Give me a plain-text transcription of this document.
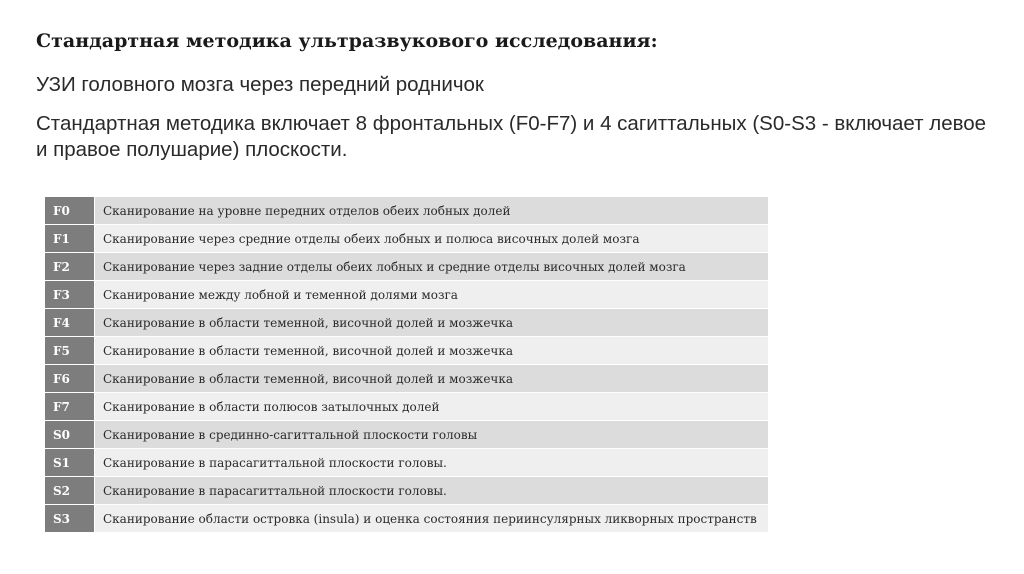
Стандартная методика ультразвукового исследования:

УЗИ головного мозга через передний родничок

Стандартная методика включает 8 фронтальных (F0-F7) и 4 сагиттальных (S0-S3 - включает левое и правое полушарие) плоскости.

F0	Сканирование на уровне передних отделов обеих лобных долей
F1	Сканирование через средние отделы обеих лобных и полюса височных долей мозга
F2	Сканирование через задние отделы обеих лобных и средние отделы височных долей мозга
F3	Сканирование между лобной и теменной долями мозга
F4	Сканирование в области теменной, височной долей и мозжечка
F5	Сканирование в области теменной, височной долей и мозжечка
F6	Сканирование в области теменной, височной долей и мозжечка
F7	Сканирование в области полюсов затылочных долей
S0	Сканирование в срединно-сагиттальной плоскости головы
S1	Сканирование в парасагиттальной плоскости головы.
S2	Сканирование в парасагиттальной плоскости головы.
S3	Сканирование области островка (insula) и оценка состояния периинсулярных ликворных пространств
